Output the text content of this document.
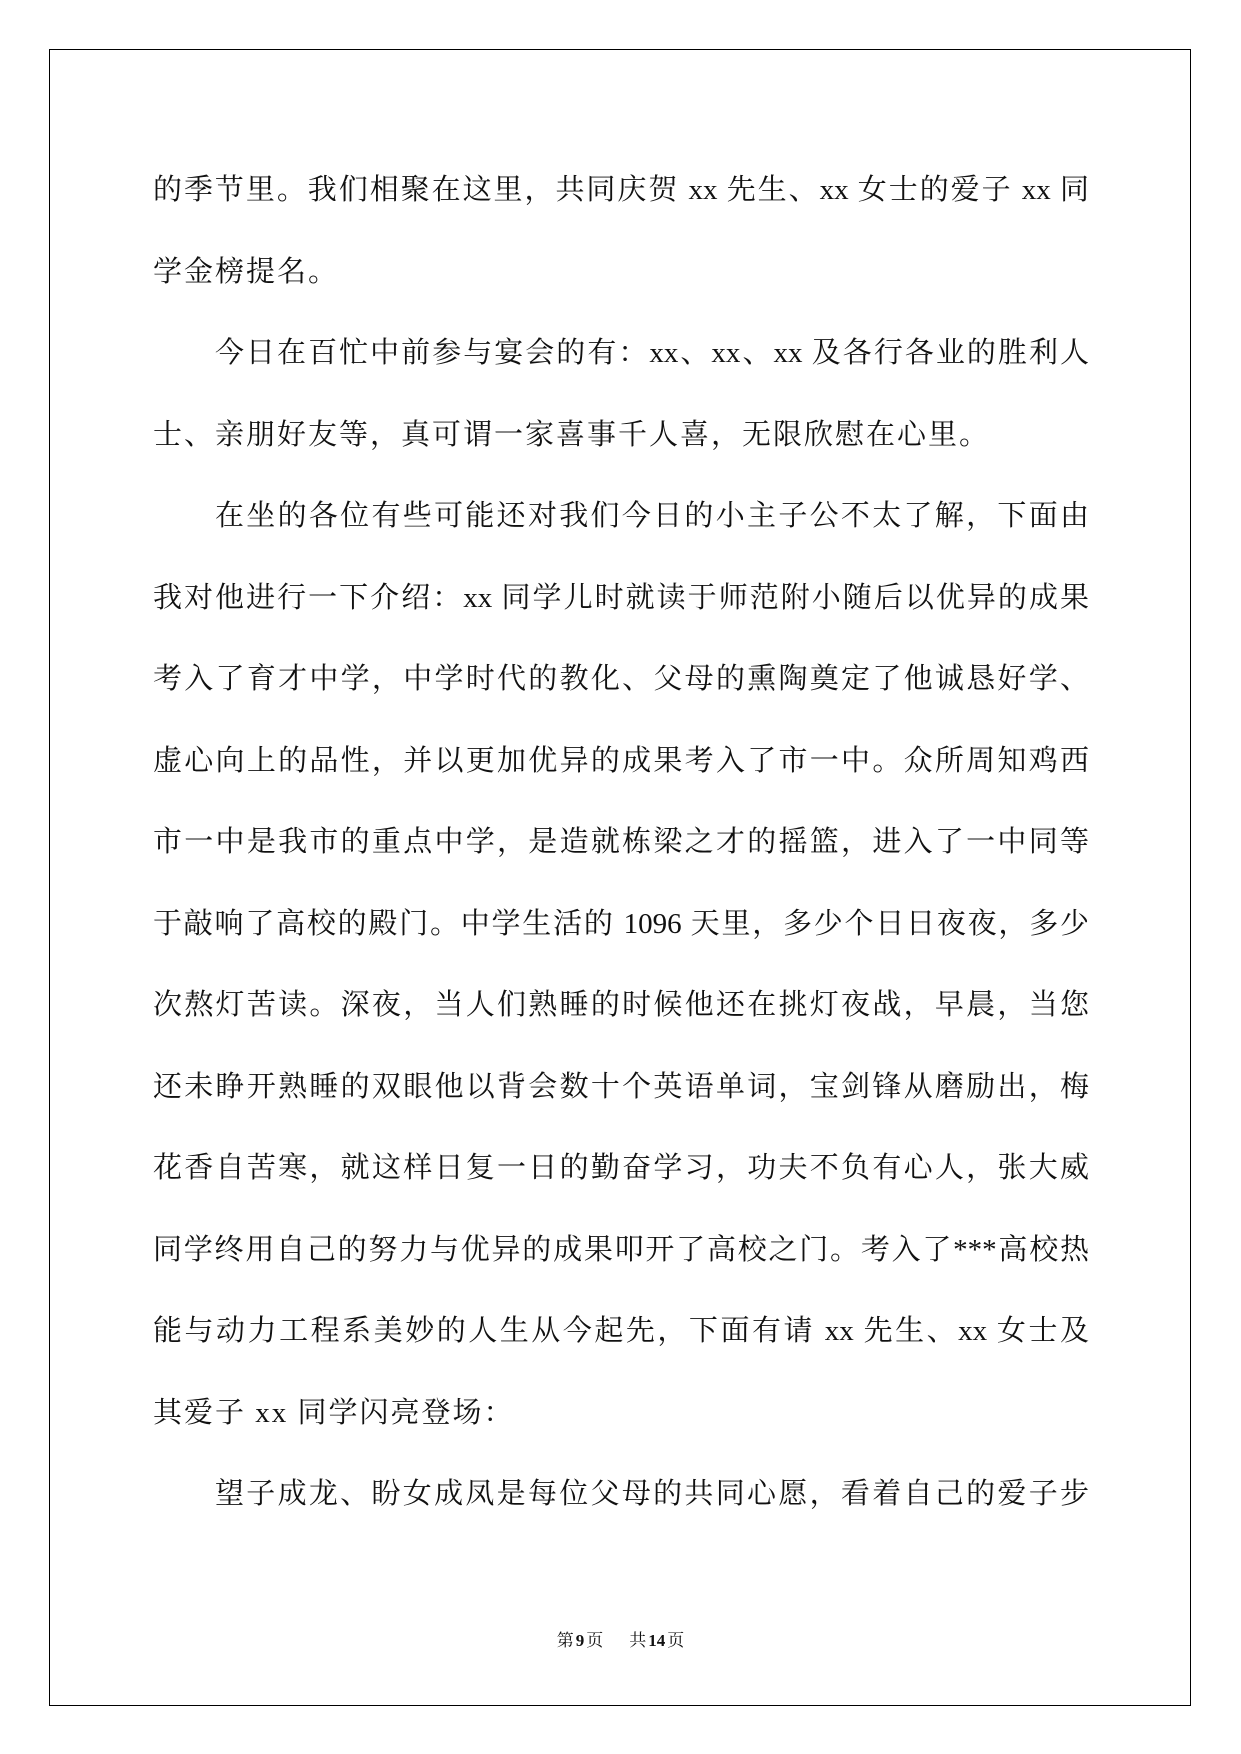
的季节里。我们相聚在这里，共同庆贺 xx 先生、xx 女士的爱子 xx 同
学金榜提名。
今日在百忙中前参与宴会的有：xx、xx、xx 及各行各业的胜利人
士、亲朋好友等，真可谓一家喜事千人喜，无限欣慰在心里。
在坐的各位有些可能还对我们今日的小主子公不太了解，下面由
我对他进行一下介绍：xx 同学儿时就读于师范附小随后以优异的成果
考入了育才中学，中学时代的教化、父母的熏陶奠定了他诚恳好学、
虚心向上的品性，并以更加优异的成果考入了市一中。众所周知鸡西
市一中是我市的重点中学，是造就栋梁之才的摇篮，进入了一中同等
于敲响了高校的殿门。中学生活的 1096 天里，多少个日日夜夜，多少
次熬灯苦读。深夜，当人们熟睡的时候他还在挑灯夜战，早晨，当您
还未睁开熟睡的双眼他以背会数十个英语单词，宝剑锋从磨励出，梅
花香自苦寒，就这样日复一日的勤奋学习，功夫不负有心人，张大威
同学终用自己的努力与优异的成果叩开了高校之门。考入了***高校热
能与动力工程系美妙的人生从今起先，下面有请 xx 先生、xx 女士及
其爱子 xx 同学闪亮登场：
望子成龙、盼女成凤是每位父母的共同心愿，看着自己的爱子步
第 9 页 共 14 页
